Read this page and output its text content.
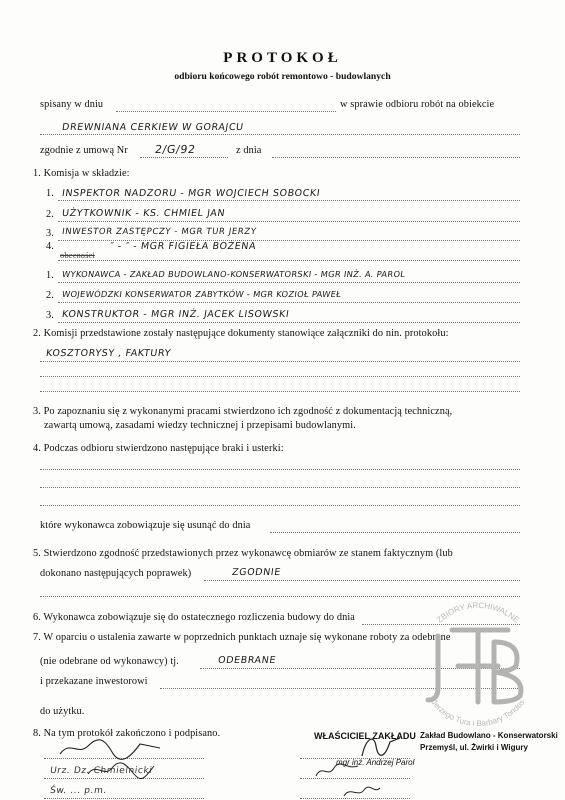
PROTOKOŁ
odbioru końcowego robót remontowo - budowlanych
spisany w dniu	w sprawie odbioru robót na obiekcie
DREWNIANA CERKIEW W GORAJCU
zgodnie z umową Nr 2/G/92	z dnia
1. Komisja w składzie:
1. INSPEKTOR NADZORU - MGR WOJCIECH SOBOCKI
2. UŻYTKOWNIK - KS. CHMIEL JAN
3. INWESTOR ZASTĘPCZY - MGR TUR JERZY
4.
obecności
″ - ″ - MGR FIGIEŁA BOŻENA
1. WYKONAWCA - ZAKŁAD BUDOWLANO-KONSERWATORSKI - MGR INŻ. A. PAROL
2. WOJEWÓDZKI KONSERWATOR ZABYTKÓW - MGR KOZIOŁ PAWEŁ
3. KONSTRUKTOR - MGR INŻ. JACEK LISOWSKI
2. Komisji przedstawione zostały następujące dokumenty stanowiące załączniki do nin. protokołu:
KOSZTORYSY , FAKTURY
3. Po zapoznaniu się z wykonanymi pracami stwierdzono ich zgodność z dokumentacją techniczną,
zawartą umową, zasadami wiedzy technicznej i przepisami budowlanymi.
4. Podczas odbioru stwierdzono następujące braki i usterki:
które wykonawca zobowiązuje się usunąć do dnia
5. Stwierdzono zgodność przedstawionych przez wykonawcę obmiarów ze stanem faktycznym (lub
dokonano następujących poprawek)	ZGODNIE
6. Wykonawca zobowiązuje się do ostatecznego rozliczenia budowy do dnia
7. W oparciu o ustalenia zawarte w poprzednich punktach uznaje się wykonane roboty za odebrane
(nie odebrane od wykonawcy) tj.	ODEBRANE
i przekazane inwestorowi
do użytku.
8. Na tym protokół zakończono i podpisano.
Urz. Dz. Chmielnicki
Św. ... p.m.
WŁAŚCICIEL ZAKŁADU Zakład Budowlano - Konserwatorski
Przemyśl, ul. Żwirki i Wigury
mgr inż. Andrzej Parol
ZBIORY ARCHIWALNE
Jerzego Tura i Barbary Tondos
